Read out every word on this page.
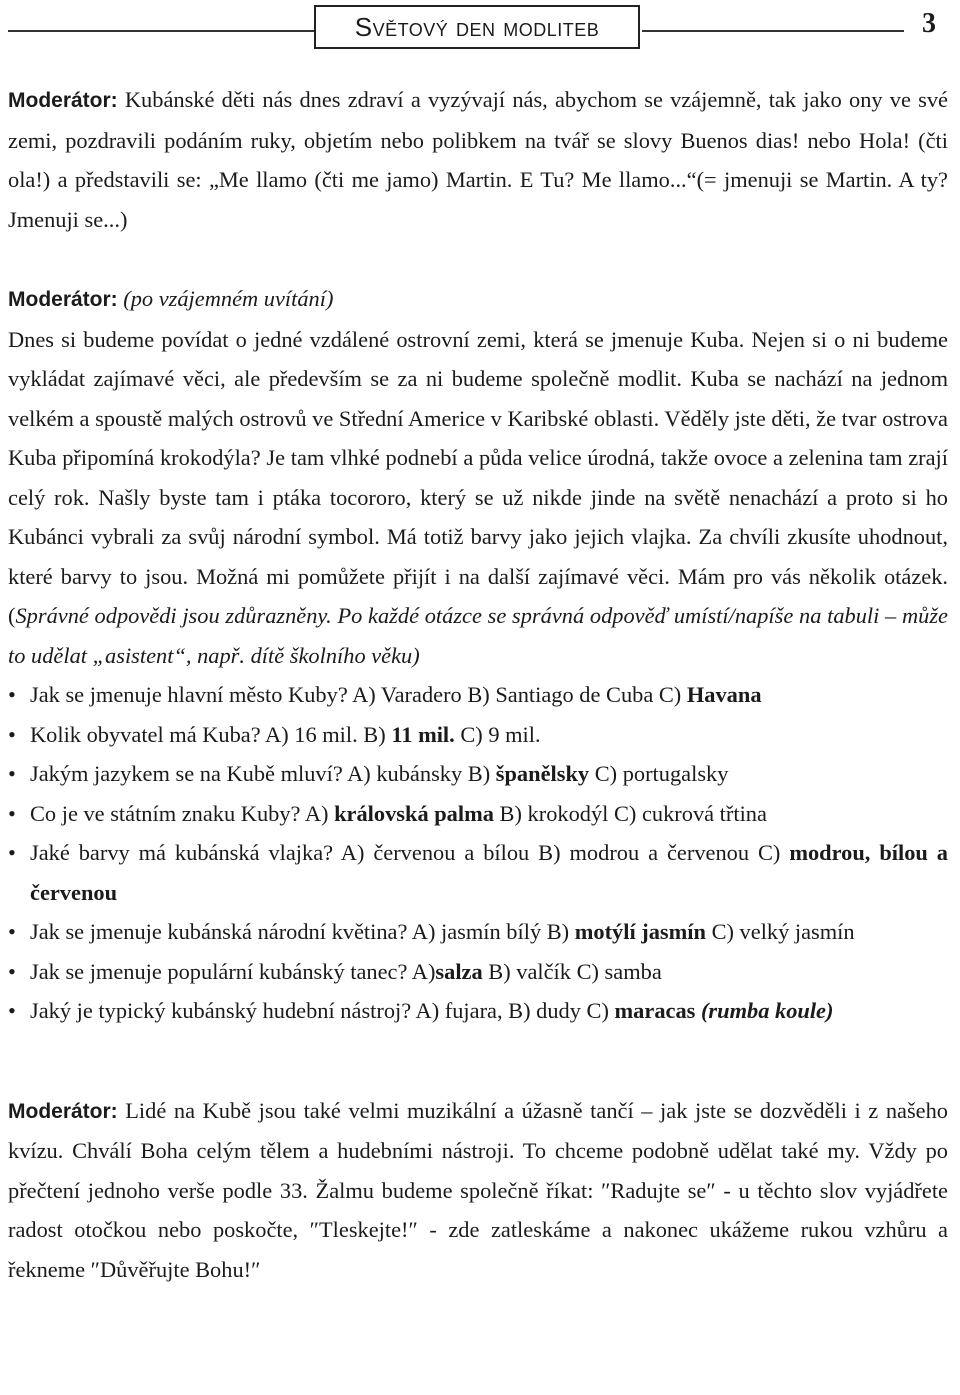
Světový den modliteb	3

Moderátor: Kubánské děti nás dnes zdraví a vyzývají nás, abychom se vzájemně, tak jako ony ve své zemi, pozdravili podáním ruky, objetím nebo polibkem na tvář se slovy Buenos dias! nebo Hola! (čti ola!) a představili se: „Me llamo (čti me jamo) Martin. E Tu? Me llamo...“(= jmenuji se Martin. A ty?Jmenuji se...)

Moderátor: (po vzájemném uvítání)

Dnes si budeme povídat o jedné vzdálené ostrovní zemi, která se jmenuje Kuba. Nejen si o ni budeme vykládat zajímavé věci, ale především se za ni budeme společně modlit. Kuba se nachází na jednom velkém a spoustě malých ostrovů ve Střední Americe v Karibské oblasti. Věděly jste děti, že tvar ostrova Kuba připomíná krokodýla? Je tam vlhké podnebí a půda velice úrodná, takže ovoce a zelenina tam zrají celý rok. Našly byste tam i ptáka tocororo, který se už nikde jinde na světě nenachází a proto si ho Kubánci vybrali za svůj národní symbol. Má totiž barvy jako jejich vlajka. Za chvíli zkusíte uhodnout, které barvy to jsou. Možná mi pomůžete přijít i na další zajímavé věci. Mám pro vás několik otázek. (Správné odpovědi jsou zdůrazněny. Po každé otázce se správná odpověď umístí/napíše na tabuli – může to udělat „asistent“, např. dítě školního věku)

• Jak se jmenuje hlavní město Kuby? A) Varadero B) Santiago de Cuba C) Havana
• Kolik obyvatel má Kuba? A) 16 mil. B) 11 mil. C) 9 mil.
• Jakým jazykem se na Kubě mluví? A) kubánsky B) španělsky C) portugalsky
• Co je ve státním znaku Kuby? A) královská palma B) krokodýl C) cukrová třtina
• Jaké barvy má kubánská vlajka? A) červenou a bílou B) modrou a červenou C) modrou, bílou a červenou
• Jak se jmenuje kubánská národní květina? A) jasmín bílý B) motýlí jasmín C) velký jasmín
• Jak se jmenuje populární kubánský tanec? A)salza B) valčík C) samba
• Jaký je typický kubánský hudební nástroj? A) fujara, B) dudy C) maracas (rumba koule)

Moderátor: Lidé na Kubě jsou také velmi muzikální a úžasně tančí – jak jste se dozvěděli i z našeho kvízu. Chválí Boha celým tělem a hudebními nástroji. To chceme podobně udělat také my. Vždy po přečtení jednoho verše podle 33. Žalmu budeme společně říkat: ″Radujte se″ - u těchto slov vyjádřete radost otočkou nebo poskočte, ″Tleskejte!″ - zde zatleskáme a nakonec ukážeme rukou vzhůru a řekneme ″Důvěřujte Bohu!″
